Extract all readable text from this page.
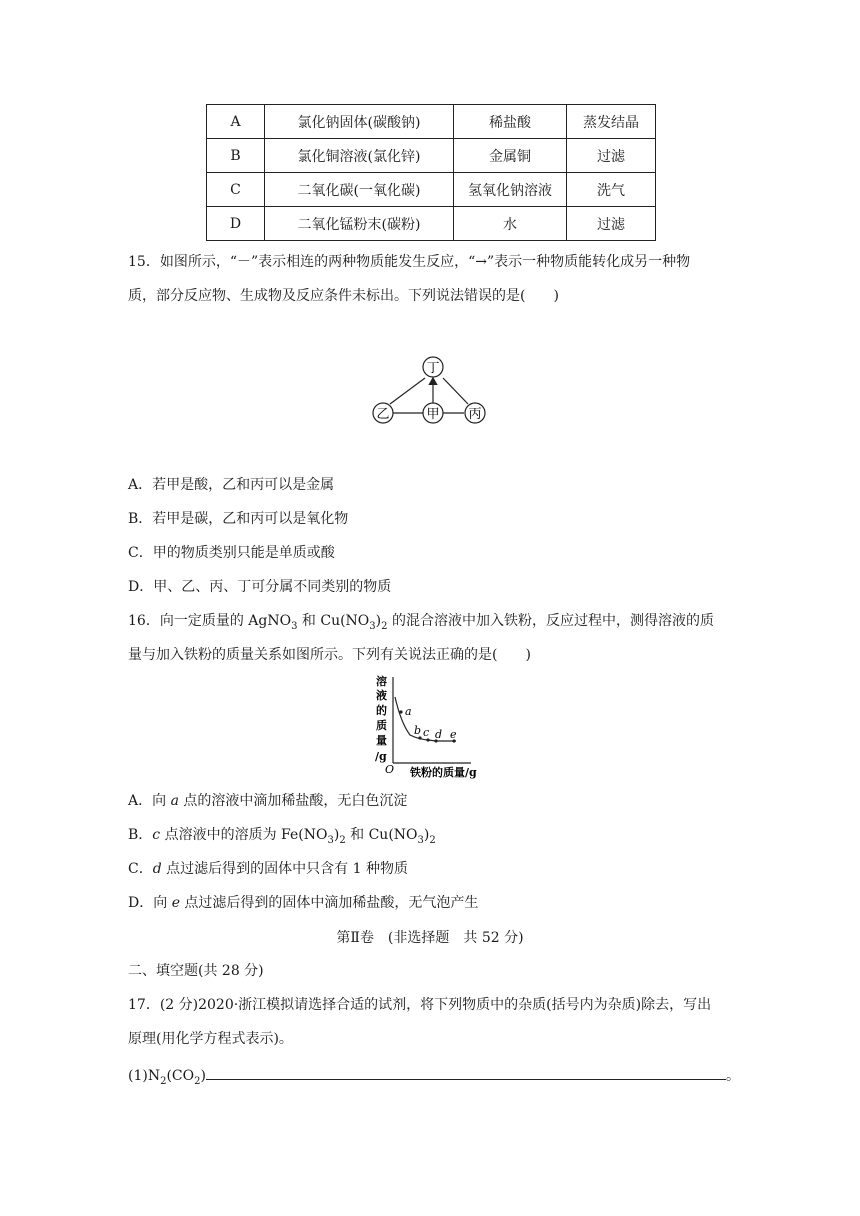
A	氯化钠固体(碳酸钠)	稀盐酸	蒸发结晶
B	氯化铜溶液(氯化锌)	金属铜	过滤
C	二氧化碳(一氧化碳)	氢氧化钠溶液	洗气
D	二氧化锰粉末(碳粉)	水	过滤
15．如图所示，“－”表示相连的两种物质能发生反应，“→”表示一种物质能转化成另一种物
质，部分反应物、生成物及反应条件未标出。下列说法错误的是(　　)
丁
乙	甲 丙
A．若甲是酸，乙和丙可以是金属
B．若甲是碳，乙和丙可以是氧化物
C．甲的物质类别只能是单质或酸
D．甲、乙、丙、丁可分属不同类别的物质
16．向一定质量的 AgNO$_3$ 和 $Cu(NO_3)_2$ 的混合溶液中加入铁粉，反应过程中，测得溶液的质
量与加入铁粉的质量关系如图所示。下列有关说法正确的是(　　)
溶
液
的
质
量
/g
O 铁粉的质量/g
a
b c d e
A．向 a 点的溶液中滴加稀盐酸，无白色沉淀
B．c 点溶液中的溶质为 $Fe(NO_3)_2$ 和 $Cu(NO_3)_2$
C．d 点过滤后得到的固体中只含有 1 种物质
D．向 e 点过滤后得到的固体中滴加稀盐酸，无气泡产生
第Ⅱ卷　(非选择题　共 52 分)
二、填空题(共 28 分)
17．(2 分)2020·浙江模拟请选择合适的试剂，将下列物质中的杂质(括号内为杂质)除去，写出
原理(用化学方程式表示)。
$(1)N_2(CO_2)$	。
